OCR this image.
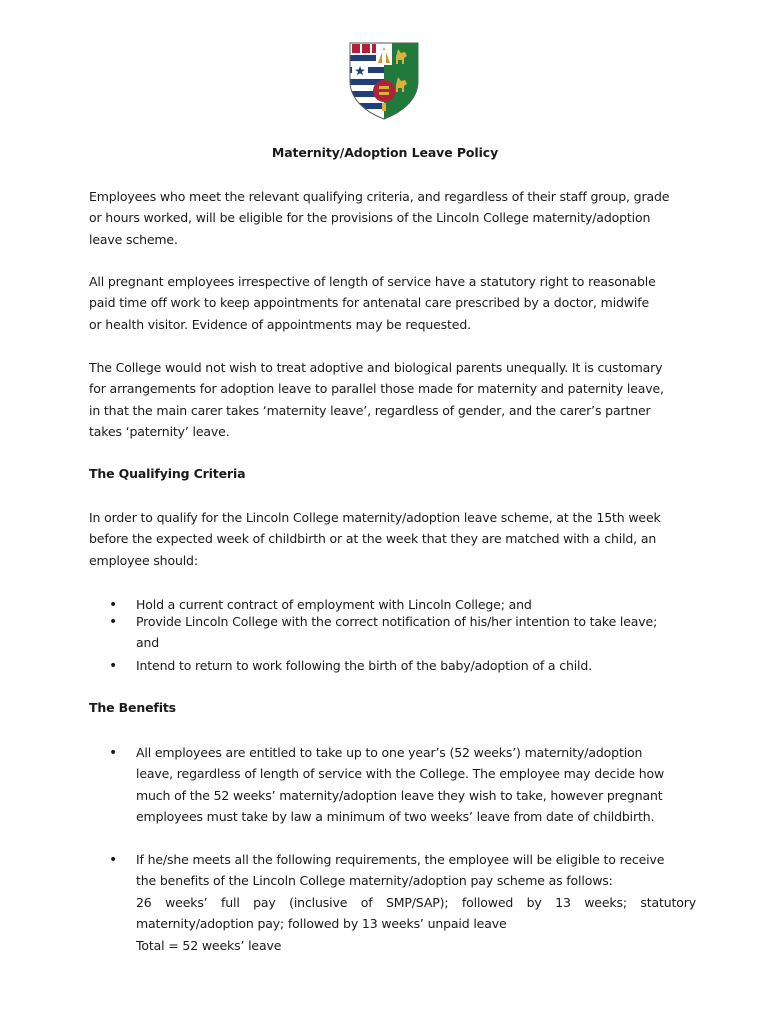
Maternity/Adoption Leave Policy
Employees who meet the relevant qualifying criteria, and regardless of their staff group, grade
or hours worked, will be eligible for the provisions of the Lincoln College maternity/adoption
leave scheme.
All pregnant employees irrespective of length of service have a statutory right to reasonable
paid time off work to keep appointments for antenatal care prescribed by a doctor, midwife
or health visitor. Evidence of appointments may be requested.
The College would not wish to treat adoptive and biological parents unequally. It is customary
for arrangements for adoption leave to parallel those made for maternity and paternity leave,
in that the main carer takes ‘maternity leave’, regardless of gender, and the carer’s partner
takes ‘paternity’ leave.
The Qualifying Criteria
In order to qualify for the Lincoln College maternity/adoption leave scheme, at the 15th week
before the expected week of childbirth or at the week that they are matched with a child, an
employee should:
• Hold a current contract of employment with Lincoln College; and
• Provide Lincoln College with the correct notification of his/her intention to take leave;
and
• Intend to return to work following the birth of the baby/adoption of a child.
The Benefits
• All employees are entitled to take up to one year’s (52 weeks’) maternity/adoption
leave, regardless of length of service with the College. The employee may decide how
much of the 52 weeks’ maternity/adoption leave they wish to take, however pregnant
employees must take by law a minimum of two weeks’ leave from date of childbirth.
• If he/she meets all the following requirements, the employee will be eligible to receive
the benefits of the Lincoln College maternity/adoption pay scheme as follows:
26 weeks’ full pay (inclusive of SMP/SAP); followed by 13 weeks; statutory
maternity/adoption pay; followed by 13 weeks’ unpaid leave
Total = 52 weeks’ leave
